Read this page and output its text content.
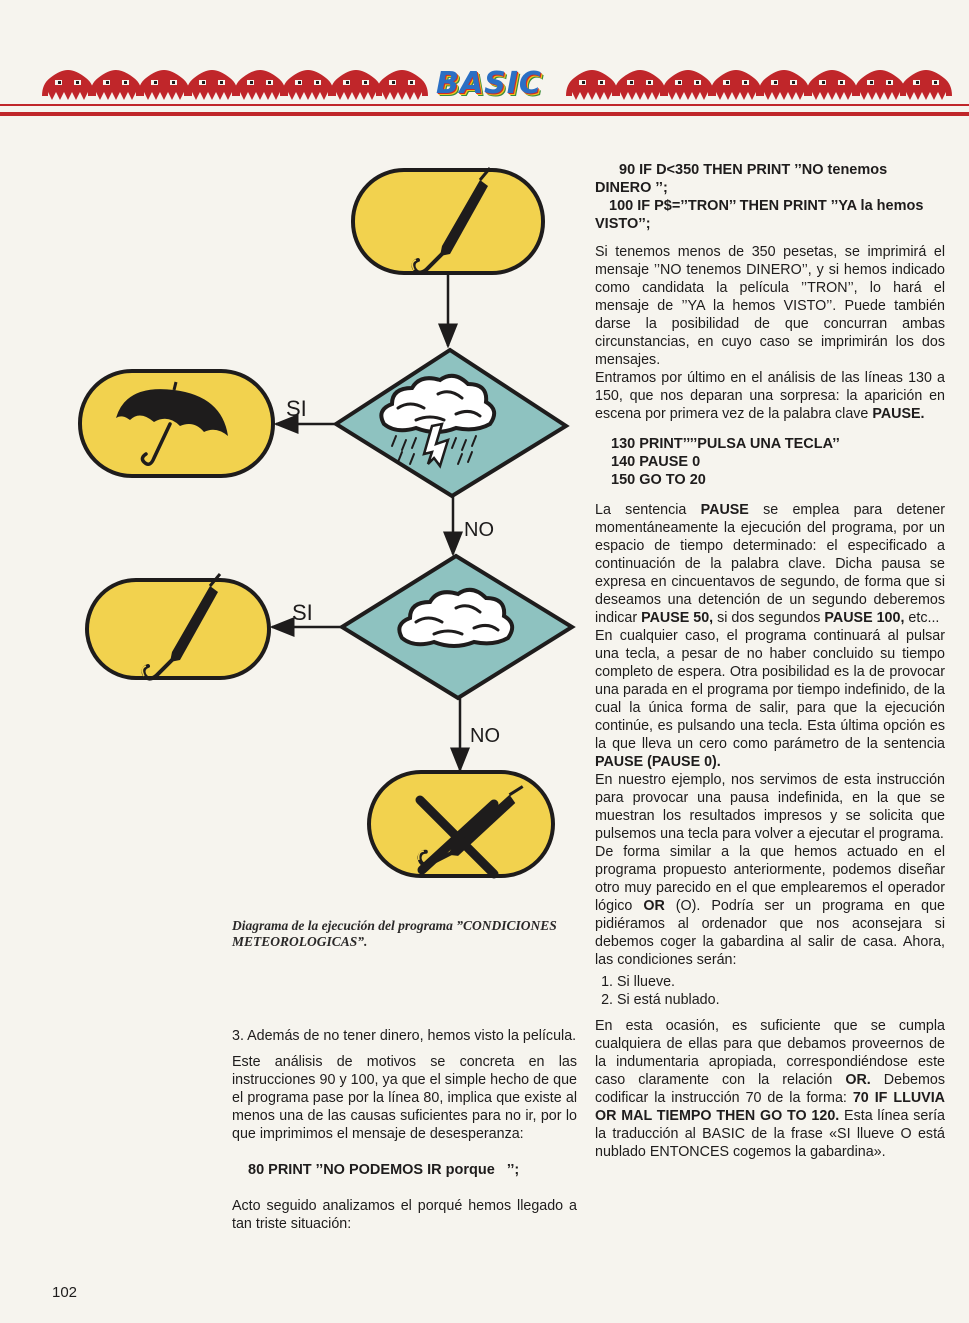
BASIC
SI
NO
SI
NO
Diagrama de la ejecución del programa ”CONDICIONES METEOROLOGICAS”.

3. Además de no tener dinero, hemos visto la película.

Este análisis de motivos se concreta en las instrucciones 90 y 100, ya que el simple hecho de que el programa pase por la línea 80, implica que existe al menos una de las causas suficientes para no ir, por lo que imprimimos el mensaje de desesperanza:

80 PRINT ’’NO PODEMOS IR porque   ’’;

Acto seguido analizamos el porqué hemos llegado a tan triste situación:

90 IF D<350 THEN PRINT ’’NO tenemos DINERO ’’;
100 IF P$=’’TRON’’ THEN PRINT ’’YA la hemos VISTO’’;

Si tenemos menos de 350 pesetas, se imprimirá el mensaje ’’NO tenemos DINERO’’, y si hemos indicado como candidata la película ’’TRON’’, lo hará el mensaje de ’’YA la hemos VISTO’’. Puede también darse la posibilidad de que concurran ambas circunstancias, en cuyo caso se imprimirán los dos mensajes.

Entramos por último en el análisis de las líneas 130 a 150, que nos deparan una sorpresa: la aparición en escena por primera vez de la palabra clave PAUSE.

130 PRINT’’’’PULSA UNA TECLA’’
140 PAUSE 0
150 GO TO 20

La sentencia PAUSE se emplea para detener momentáneamente la ejecución del programa, por un espacio de tiempo determinado: el especificado a continuación de la palabra clave. Dicha pausa se expresa en cincuentavos de segundo, de forma que si deseamos una detención de un segundo deberemos indicar PAUSE 50, si dos segundos PAUSE 100, etc...

En cualquier caso, el programa continuará al pulsar una tecla, a pesar de no haber concluido su tiempo completo de espera. Otra posibilidad es la de provocar una parada en el programa por tiempo indefinido, de la cual la única forma de salir, para que la ejecución continúe, es pulsando una tecla. Esta última opción es la que lleva un cero como parámetro de la sentencia PAUSE (PAUSE 0).

En nuestro ejemplo, nos servimos de esta instrucción para provocar una pausa indefinida, en la que se muestran los resultados impresos y se solicita que pulsemos una tecla para volver a ejecutar el programa.

De forma similar a la que hemos actuado en el programa propuesto anteriormente, podemos diseñar otro muy parecido en el que emplearemos el operador lógico OR (O). Podría ser un programa en que pidiéramos al ordenador que nos aconsejara si debemos coger la gabardina al salir de casa. Ahora, las condiciones serán:

1. Si llueve.
2. Si está nublado.

En esta ocasión, es suficiente que se cumpla cualquiera de ellas para que debamos proveernos de la indumentaria apropiada, correspondiéndose este caso claramente con la relación OR. Debemos codificar la instrucción 70 de la forma: 70 IF LLUVIA OR MAL TIEMPO THEN GO TO 120. Esta línea sería la traducción al BASIC de la frase «SI llueve O está nublado ENTONCES cogemos la gabardina».

102
